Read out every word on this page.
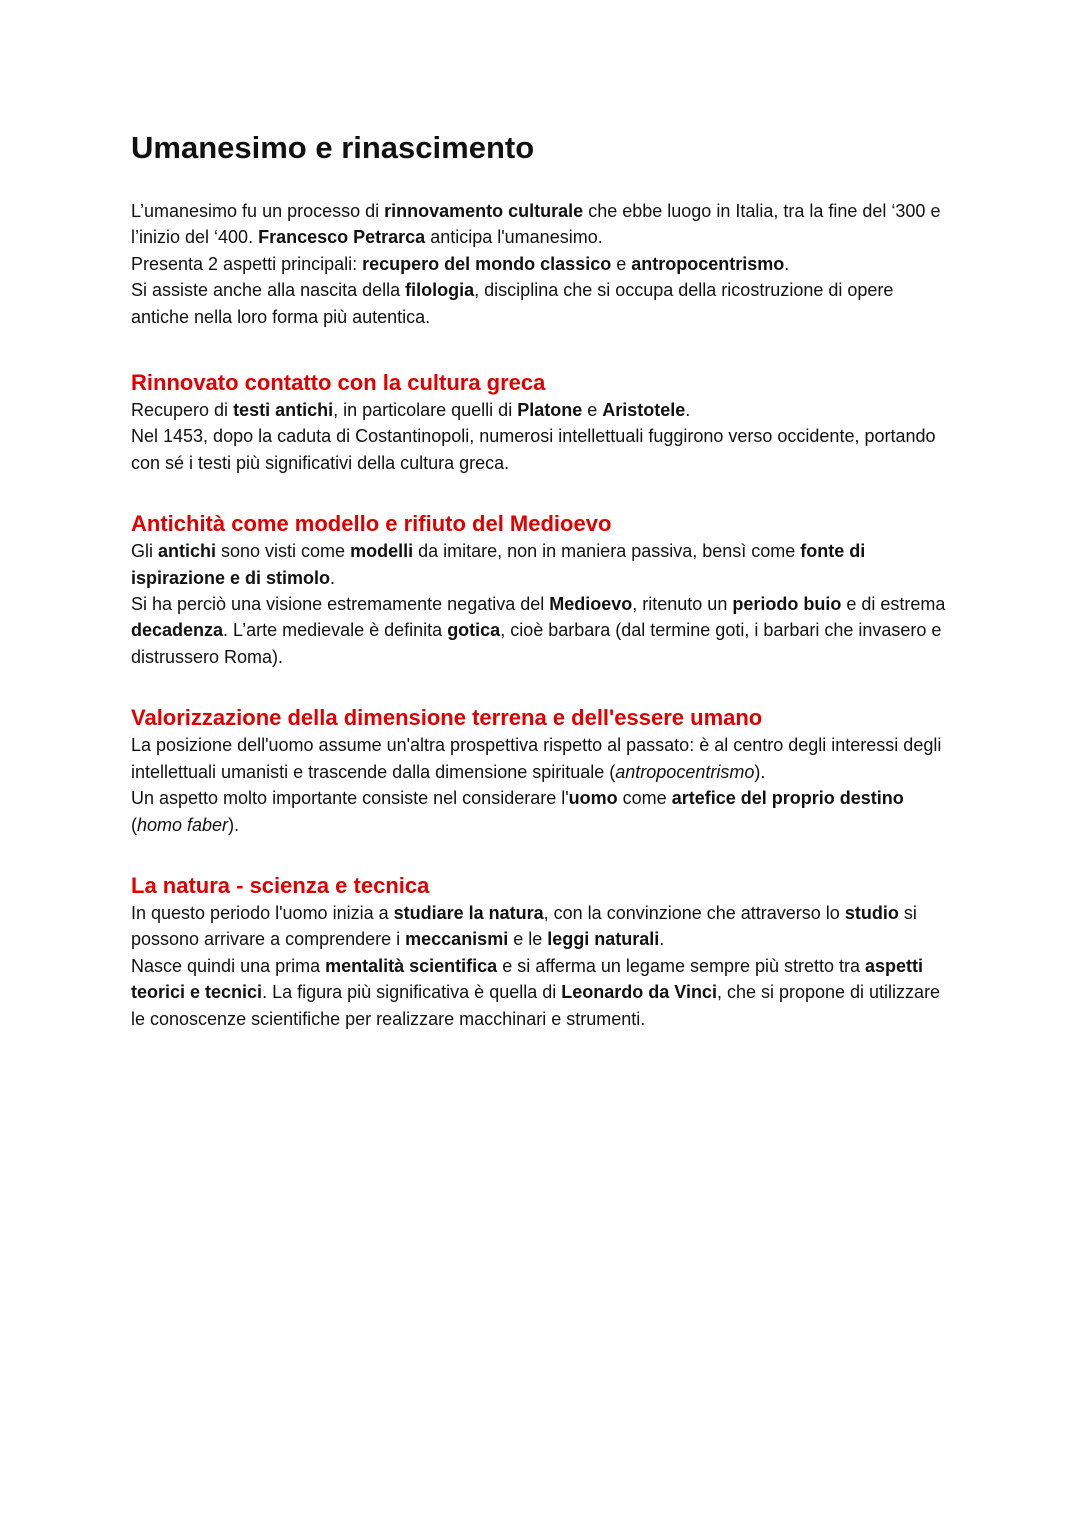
Umanesimo e rinascimento

L’umanesimo fu un processo di rinnovamento culturale che ebbe luogo in Italia, tra la fine del ‘300 e l’inizio del ‘400. Francesco Petrarca anticipa l'umanesimo.

Presenta 2 aspetti principali: recupero del mondo classico e antropocentrismo.

Si assiste anche alla nascita della filologia, disciplina che si occupa della ricostruzione di opere antiche nella loro forma più autentica.

Rinnovato contatto con la cultura greca

Recupero di testi antichi, in particolare quelli di Platone e Aristotele.

Nel 1453, dopo la caduta di Costantinopoli, numerosi intellettuali fuggirono verso occidente, portando con sé i testi più significativi della cultura greca.

Antichità come modello e rifiuto del Medioevo

Gli antichi sono visti come modelli da imitare, non in maniera passiva, bensì come fonte di ispirazione e di stimolo.

Si ha perciò una visione estremamente negativa del Medioevo, ritenuto un periodo buio e di estrema decadenza. L’arte medievale è definita gotica, cioè barbara (dal termine goti, i barbari che invasero e distrussero Roma).

Valorizzazione della dimensione terrena e dell'essere umano

La posizione dell'uomo assume un'altra prospettiva rispetto al passato: è al centro degli interessi degli intellettuali umanisti e trascende dalla dimensione spirituale (antropocentrismo).

Un aspetto molto importante consiste nel considerare l'uomo come artefice del proprio destino (homo faber).

La natura - scienza e tecnica

In questo periodo l'uomo inizia a studiare la natura, con la convinzione che attraverso lo studio si possono arrivare a comprendere i meccanismi e le leggi naturali.

Nasce quindi una prima mentalità scientifica e si afferma un legame sempre più stretto tra aspetti teorici e tecnici. La figura più significativa è quella di Leonardo da Vinci, che si propone di utilizzare le conoscenze scientifiche per realizzare macchinari e strumenti.
